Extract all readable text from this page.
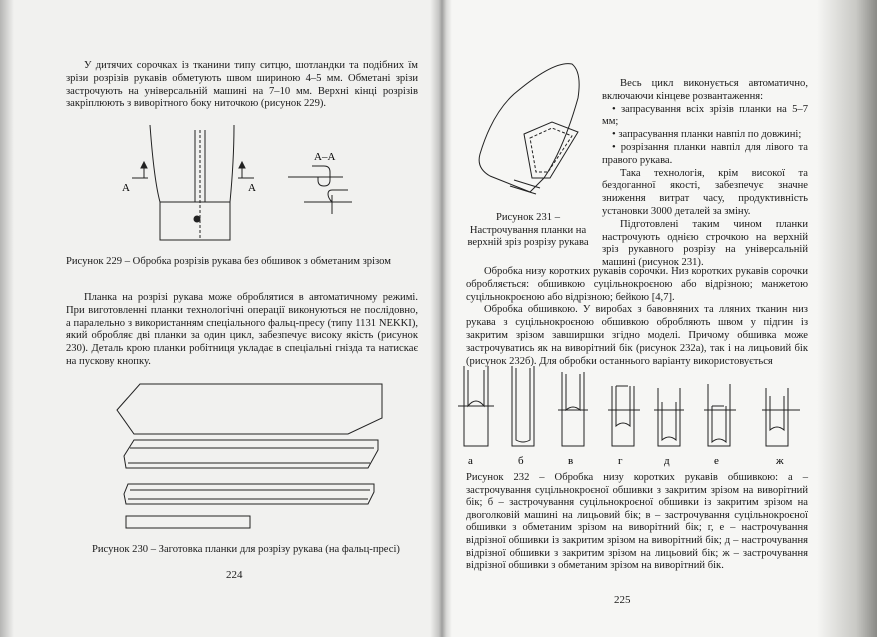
У дитячих сорочках із тканини типу ситцю, шотландки та подібних їм зрізи розрізів рукавів обметують швом шириною 4–5 мм. Обметані зрізи застрочують на універсальній машині на 7–10 мм. Верхні кінці розрізів закріплюють з виворітного боку ниточкою (рисунок 229).
А	А
А–А
Рисунок 229 – Обробка розрізів рукава без обшивок з обметаним зрізом
Планка на розрізі рукава може оброблятися в автоматичному режимі. При виготовленні планки технологічні операції виконуються не послідовно, а паралельно з використанням спеціального фальц-пресу (типу 1131 NEKKI), який обробляє дві планки за один цикл, забезпечує високу якість (рисунок 230). Деталь крою планки робітниця укладає в спеціальні гнізда та натискає на пускову кнопку.
Рисунок 230 – Заготовка планки для розрізу рукава (на фальц-пресі)
224
Рисунок 231 – Настрочування планки на верхній зріз розрізу рукава
Весь цикл виконується автоматично, включаючи кінцеве розвантаження:
• запрасування всіх зрізів планки на 5–7 мм;
• запрасування планки навпіл по довжині;
• розрізання планки навпіл для лівого та правого рукава.
Така технологія, крім високої та бездоганної якості, забезпечує значне зниження витрат часу, продуктивність установки 3000 деталей за зміну.
Підготовлені таким чином планки настрочують однією строчкою на верхній зріз рукавного розрізу на універсальній машині (рисунок 231).
Обробка низу коротких рукавів сорочки. Низ коротких рукавів сорочки обробляється: обшивкою суцільнокроєною або відрізною; манжетою суцільнокроєною або відрізною; бейкою [4,7].
Обробка обшивкою. У виробах з бавовняних та лляних тканин низ рукава з суцільнокроєною обшивкою обробляють швом у підгин із закритим зрізом завширшки згідно моделі. Причому обшивка може застрочуватись як на виворітний бік (рисунок 232а), так і на лицьовий бік (рисунок 232б). Для обробки останнього варіанту використовується
а	б	в	г	д	е	ж
Рисунок 232 – Обробка низу коротких рукавів обшивкою: а – застрочування суцільнокроєної обшивки з закритим зрізом на виворітний бік; б – застрочування суцільнокроєної обшивки із закритим зрізом на двоголковій машині на лицьовий бік; в – застрочування суцільнокроєної обшивки з обметаним зрізом на виворітний бік; г, е – настрочування відрізної обшивки із закритим зрізом на виворітний бік; д – настрочування відрізної обшивки з закритим зрізом на лицьовий бік; ж – застрочування відрізної обшивки з обметаним зрізом на виворітний бік.
225
